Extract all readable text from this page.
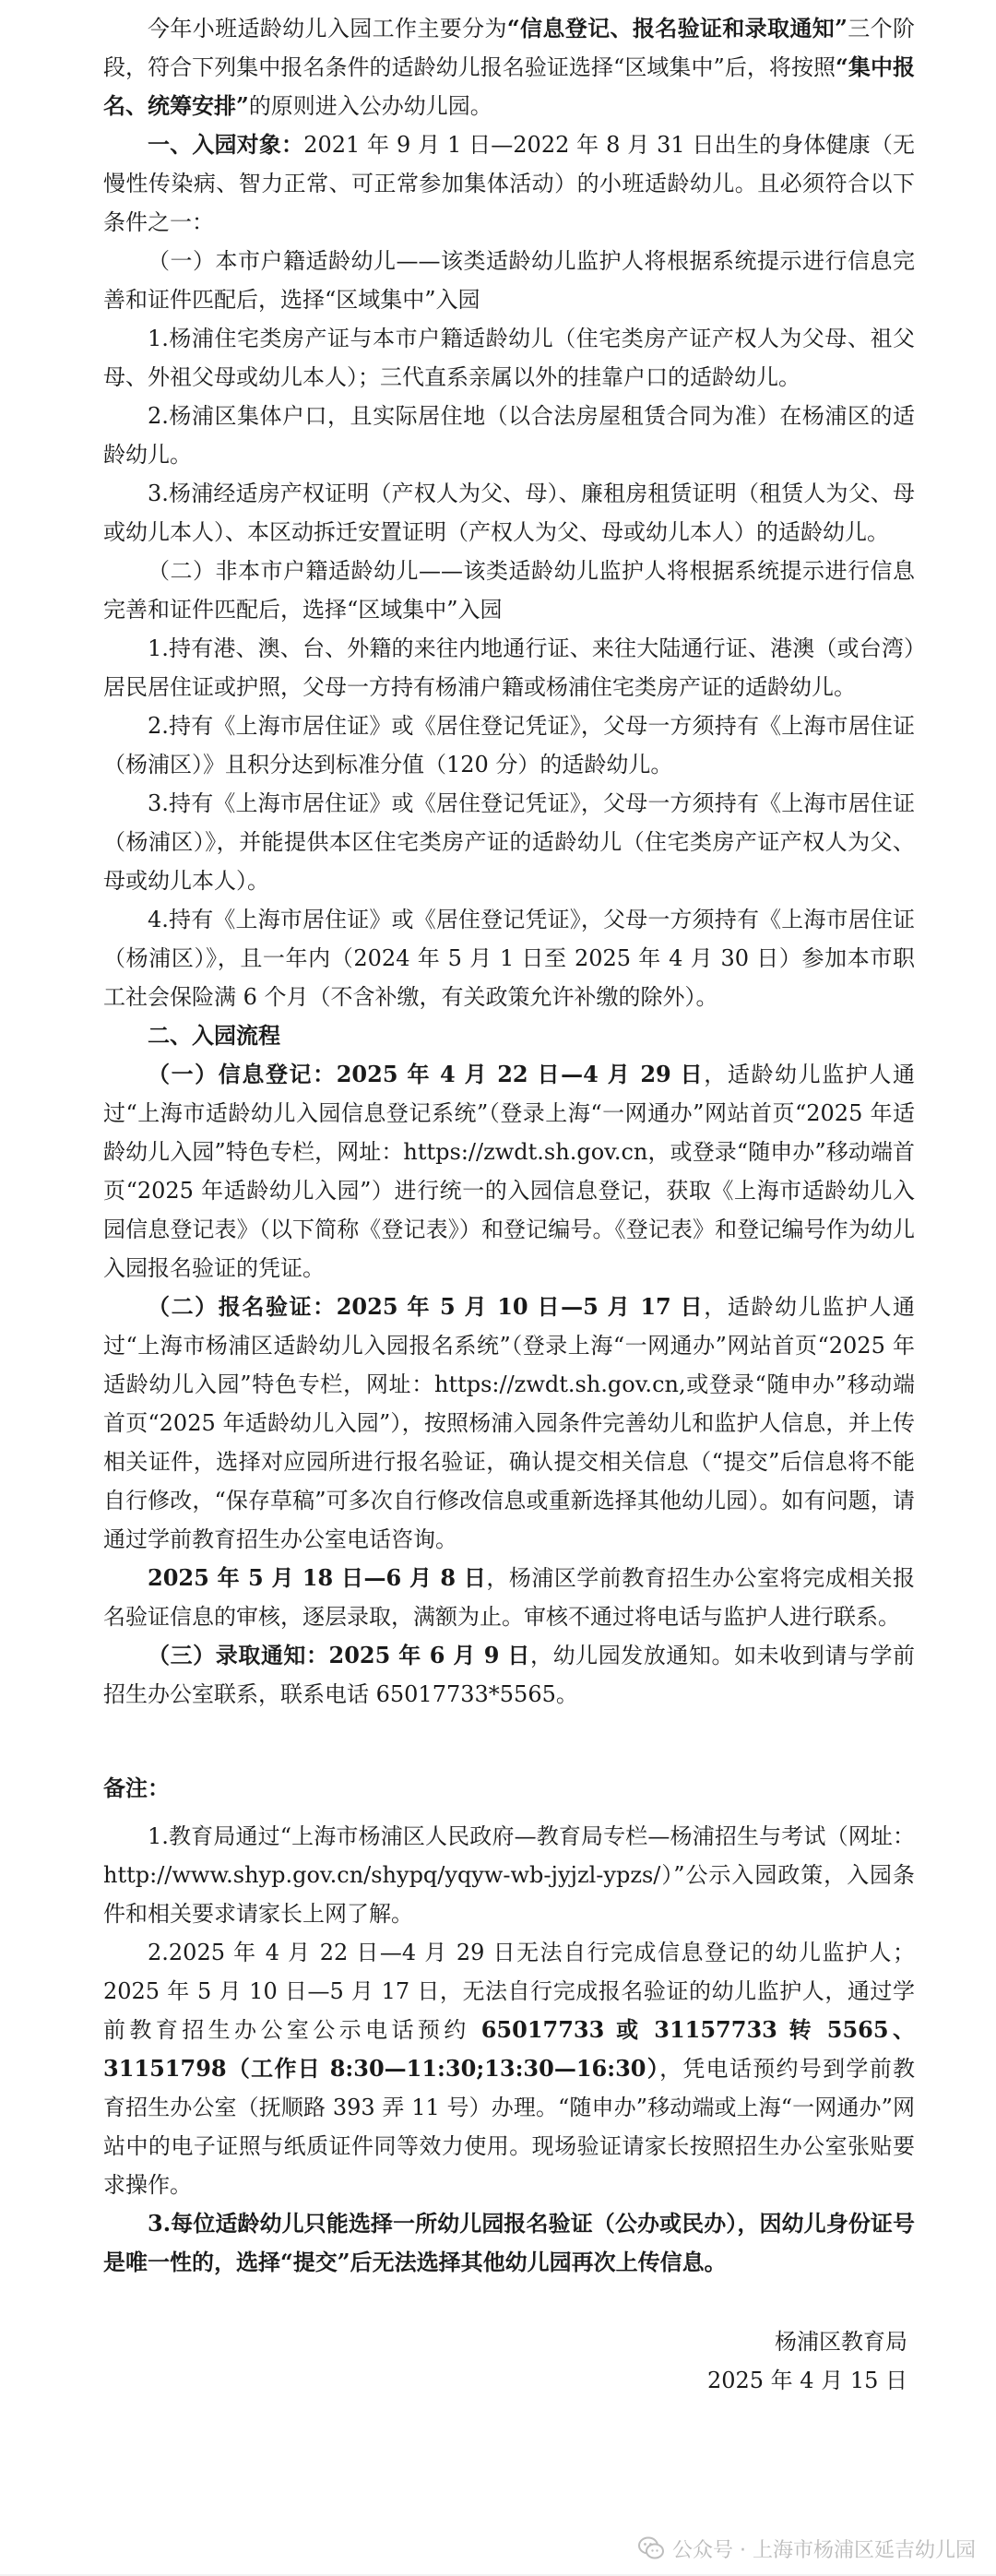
今年小班适龄幼儿入园工作主要分为“信息登记、报名验证和录取通知”三个阶段，符合下列集中报名条件的适龄幼儿报名验证选择“区域集中”后，将按照“集中报名、统筹安排”的原则进入公办幼儿园。

一、入园对象：2021 年 9 月 1 日—2022 年 8 月 31 日出生的身体健康（无慢性传染病、智力正常、可正常参加集体活动）的小班适龄幼儿。且必须符合以下条件之一：

（一）本市户籍适龄幼儿——该类适龄幼儿监护人将根据系统提示进行信息完善和证件匹配后，选择“区域集中”入园

1.杨浦住宅类房产证与本市户籍适龄幼儿（住宅类房产证产权人为父母、祖父母、外祖父母或幼儿本人）；三代直系亲属以外的挂靠户口的适龄幼儿。

2.杨浦区集体户口，且实际居住地（以合法房屋租赁合同为准）在杨浦区的适龄幼儿。

3.杨浦经适房产权证明（产权人为父、母）、廉租房租赁证明（租赁人为父、母或幼儿本人）、本区动拆迁安置证明（产权人为父、母或幼儿本人）的适龄幼儿。

（二）非本市户籍适龄幼儿——该类适龄幼儿监护人将根据系统提示进行信息完善和证件匹配后，选择“区域集中”入园

1.持有港、澳、台、外籍的来往内地通行证、来往大陆通行证、港澳（或台湾）居民居住证或护照，父母一方持有杨浦户籍或杨浦住宅类房产证的适龄幼儿。

2.持有《上海市居住证》或《居住登记凭证》，父母一方须持有《上海市居住证（杨浦区）》且积分达到标准分值（120 分）的适龄幼儿。

3.持有《上海市居住证》或《居住登记凭证》，父母一方须持有《上海市居住证（杨浦区）》，并能提供本区住宅类房产证的适龄幼儿（住宅类房产证产权人为父、母或幼儿本人）。

4.持有《上海市居住证》或《居住登记凭证》，父母一方须持有《上海市居住证（杨浦区）》，且一年内（2024 年 5 月 1 日至 2025 年 4 月 30 日）参加本市职工社会保险满 6 个月（不含补缴，有关政策允许补缴的除外）。

二、入园流程

（一）信息登记：2025 年 4 月 22 日—4 月 29 日，适龄幼儿监护人通过“上海市适龄幼儿入园信息登记系统”（登录上海“一网通办”网站首页“2025 年适龄幼儿入园”特色专栏，网址：https://zwdt.sh.gov.cn，或登录“随申办”移动端首页“2025 年适龄幼儿入园”）进行统一的入园信息登记，获取《上海市适龄幼儿入园信息登记表》（以下简称《登记表》）和登记编号。《登记表》和登记编号作为幼儿入园报名验证的凭证。

（二）报名验证：2025 年 5 月 10 日—5 月 17 日，适龄幼儿监护人通过“上海市杨浦区适龄幼儿入园报名系统”（登录上海“一网通办”网站首页“2025 年适龄幼儿入园”特色专栏，网址：https://zwdt.sh.gov.cn,或登录“随申办”移动端首页“2025 年适龄幼儿入园”），按照杨浦入园条件完善幼儿和监护人信息，并上传相关证件，选择对应园所进行报名验证，确认提交相关信息（“提交”后信息将不能自行修改，“保存草稿”可多次自行修改信息或重新选择其他幼儿园）。如有问题，请通过学前教育招生办公室电话咨询。

2025 年 5 月 18 日—6 月 8 日，杨浦区学前教育招生办公室将完成相关报名验证信息的审核，逐层录取，满额为止。审核不通过将电话与监护人进行联系。

（三）录取通知：2025 年 6 月 9 日，幼儿园发放通知。如未收到请与学前招生办公室联系，联系电话 65017733*5565。

备注：

1.教育局通过“上海市杨浦区人民政府—教育局专栏—杨浦招生与考试（网址：http://www.shyp.gov.cn/shypq/yqyw-wb-jyjzl-ypzs/）”公示入园政策，入园条件和相关要求请家长上网了解。

2.2025 年 4 月 22 日—4 月 29 日无法自行完成信息登记的幼儿监护人；2025 年 5 月 10 日—5 月 17 日，无法自行完成报名验证的幼儿监护人，通过学前教育招生办公室公示电话预约 65017733 或 31157733 转 5565、31151798（工作日 8:30—11:30;13:30—16:30），凭电话预约号到学前教育招生办公室（抚顺路 393 弄 11 号）办理。“随申办”移动端或上海“一网通办”网站中的电子证照与纸质证件同等效力使用。现场验证请家长按照招生办公室张贴要求操作。

3.每位适龄幼儿只能选择一所幼儿园报名验证（公办或民办），因幼儿身份证号是唯一性的，选择“提交”后无法选择其他幼儿园再次上传信息。

杨浦区教育局

2025 年 4 月 15 日

公众号 · 上海市杨浦区延吉幼儿园
